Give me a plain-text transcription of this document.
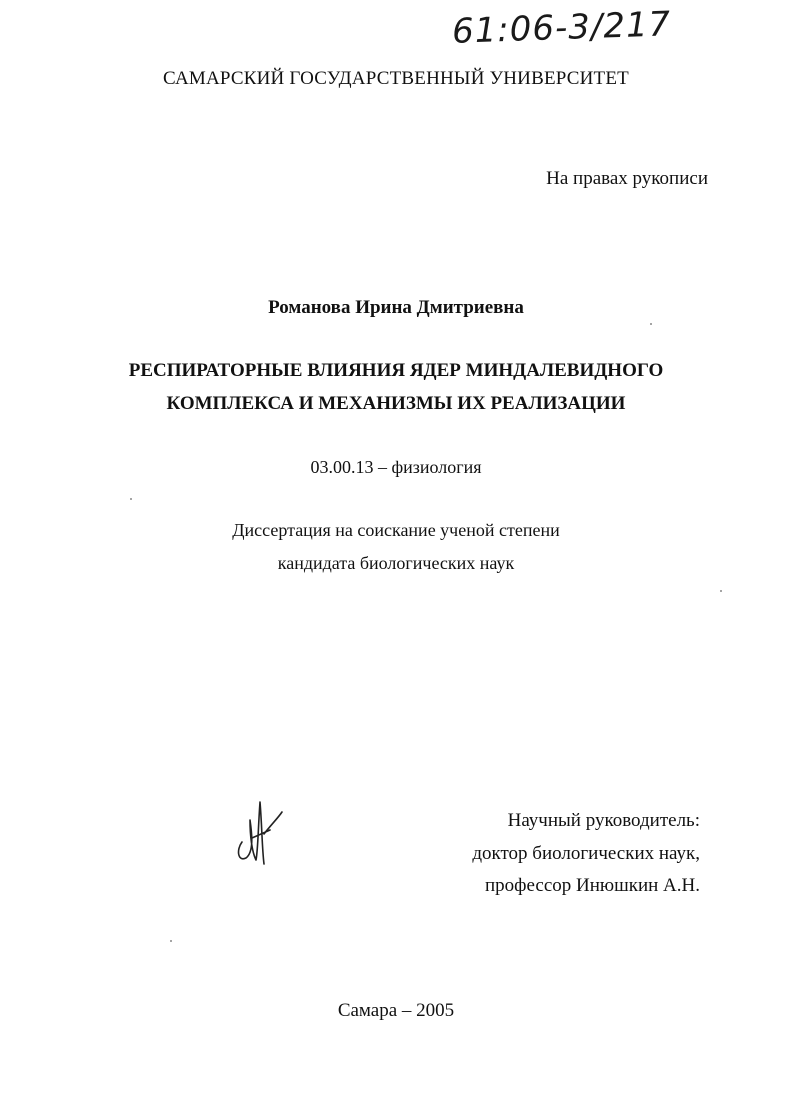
61:06-3/217
САМАРСКИЙ ГОСУДАРСТВЕННЫЙ УНИВЕРСИТЕТ
На правах рукописи
Романова Ирина Дмитриевна
РЕСПИРАТОРНЫЕ ВЛИЯНИЯ ЯДЕР МИНДАЛЕВИДНОГО
КОМПЛЕКСА И МЕХАНИЗМЫ ИХ РЕАЛИЗАЦИИ
03.00.13 – физиология
Диссертация на соискание ученой степени
кандидата биологических наук
Научный руководитель:
доктор биологических наук,
профессор Инюшкин А.Н.
Самара – 2005
